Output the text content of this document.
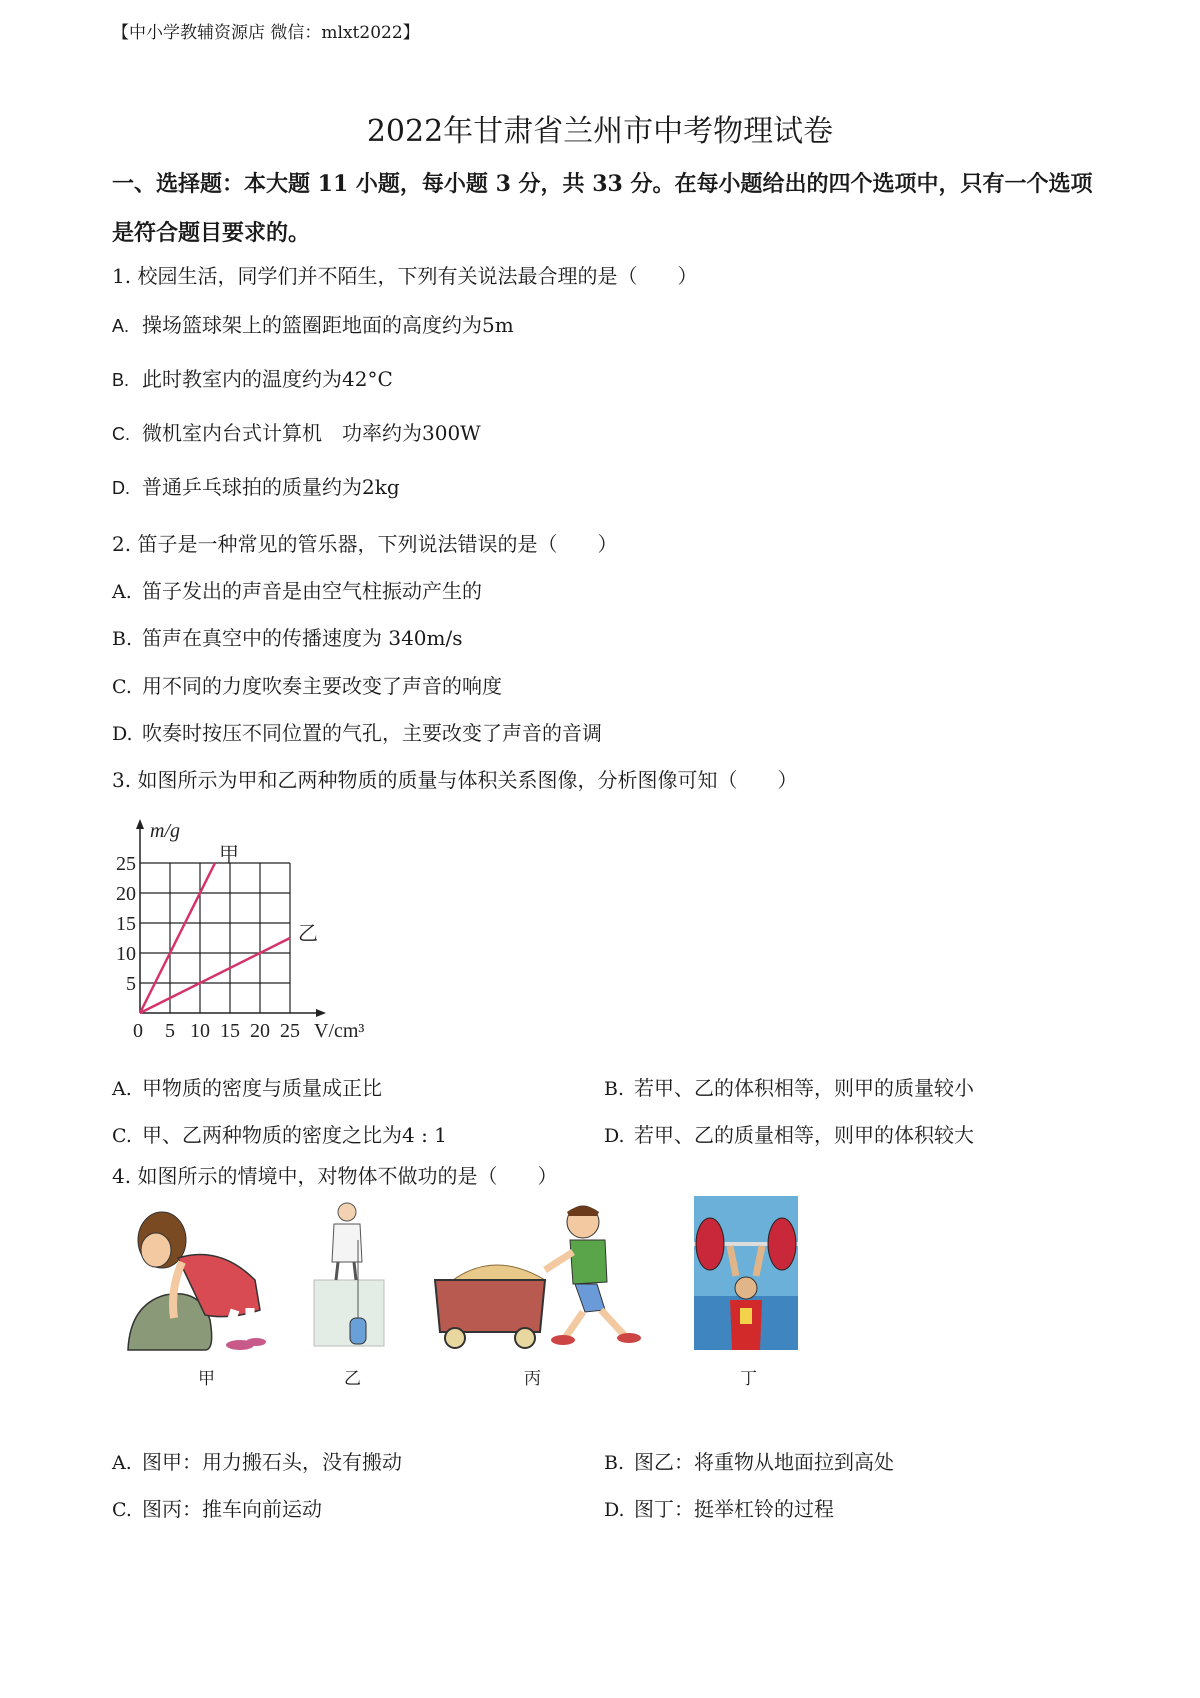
【中小学教辅资源店 微信：mlxt2022】
2022年甘肃省兰州市中考物理试卷
一、选择题：本大题 11 小题，每小题 3 分，共 33 分。在每小题给出的四个选项中，只有一个选项是符合题目要求的。
1. 校园生活，同学们并不陌生，下列有关说法最合理的是（　　）
A. 操场篮球架上的篮圈距地面的高度约为5m
B. 此时教室内的温度约为42°C
C. 微机室内台式计算机　功率约为300W
D. 普通乒乓球拍的质量约为2kg
2. 笛子是一种常见的管乐器，下列说法错误的是（　　）
A. 笛子发出的声音是由空气柱振动产生的
B. 笛声在真空中的传播速度为 340m/s
C. 用不同的力度吹奏主要改变了声音的响度
D. 吹奏时按压不同位置的气孔，主要改变了声音的音调
3. 如图所示为甲和乙两种物质的质量与体积关系图像，分析图像可知（　　）
0 5 10 15 20 25
5
10
15
20
25	甲
乙
m/g
V/cm³
A. 甲物质的密度与质量成正比	B. 若甲、乙的体积相等，则甲的质量较小
C. 甲、乙两种物质的密度之比为4 : 1	D. 若甲、乙的质量相等，则甲的体积较大
4. 如图所示的情境中，对物体不做功的是（　　）
甲	乙	丙	丁
A. 图甲：用力搬石头，没有搬动	B. 图乙：将重物从地面拉到高处
C. 图丙：推车向前运动	D. 图丁：挺举杠铃的过程
